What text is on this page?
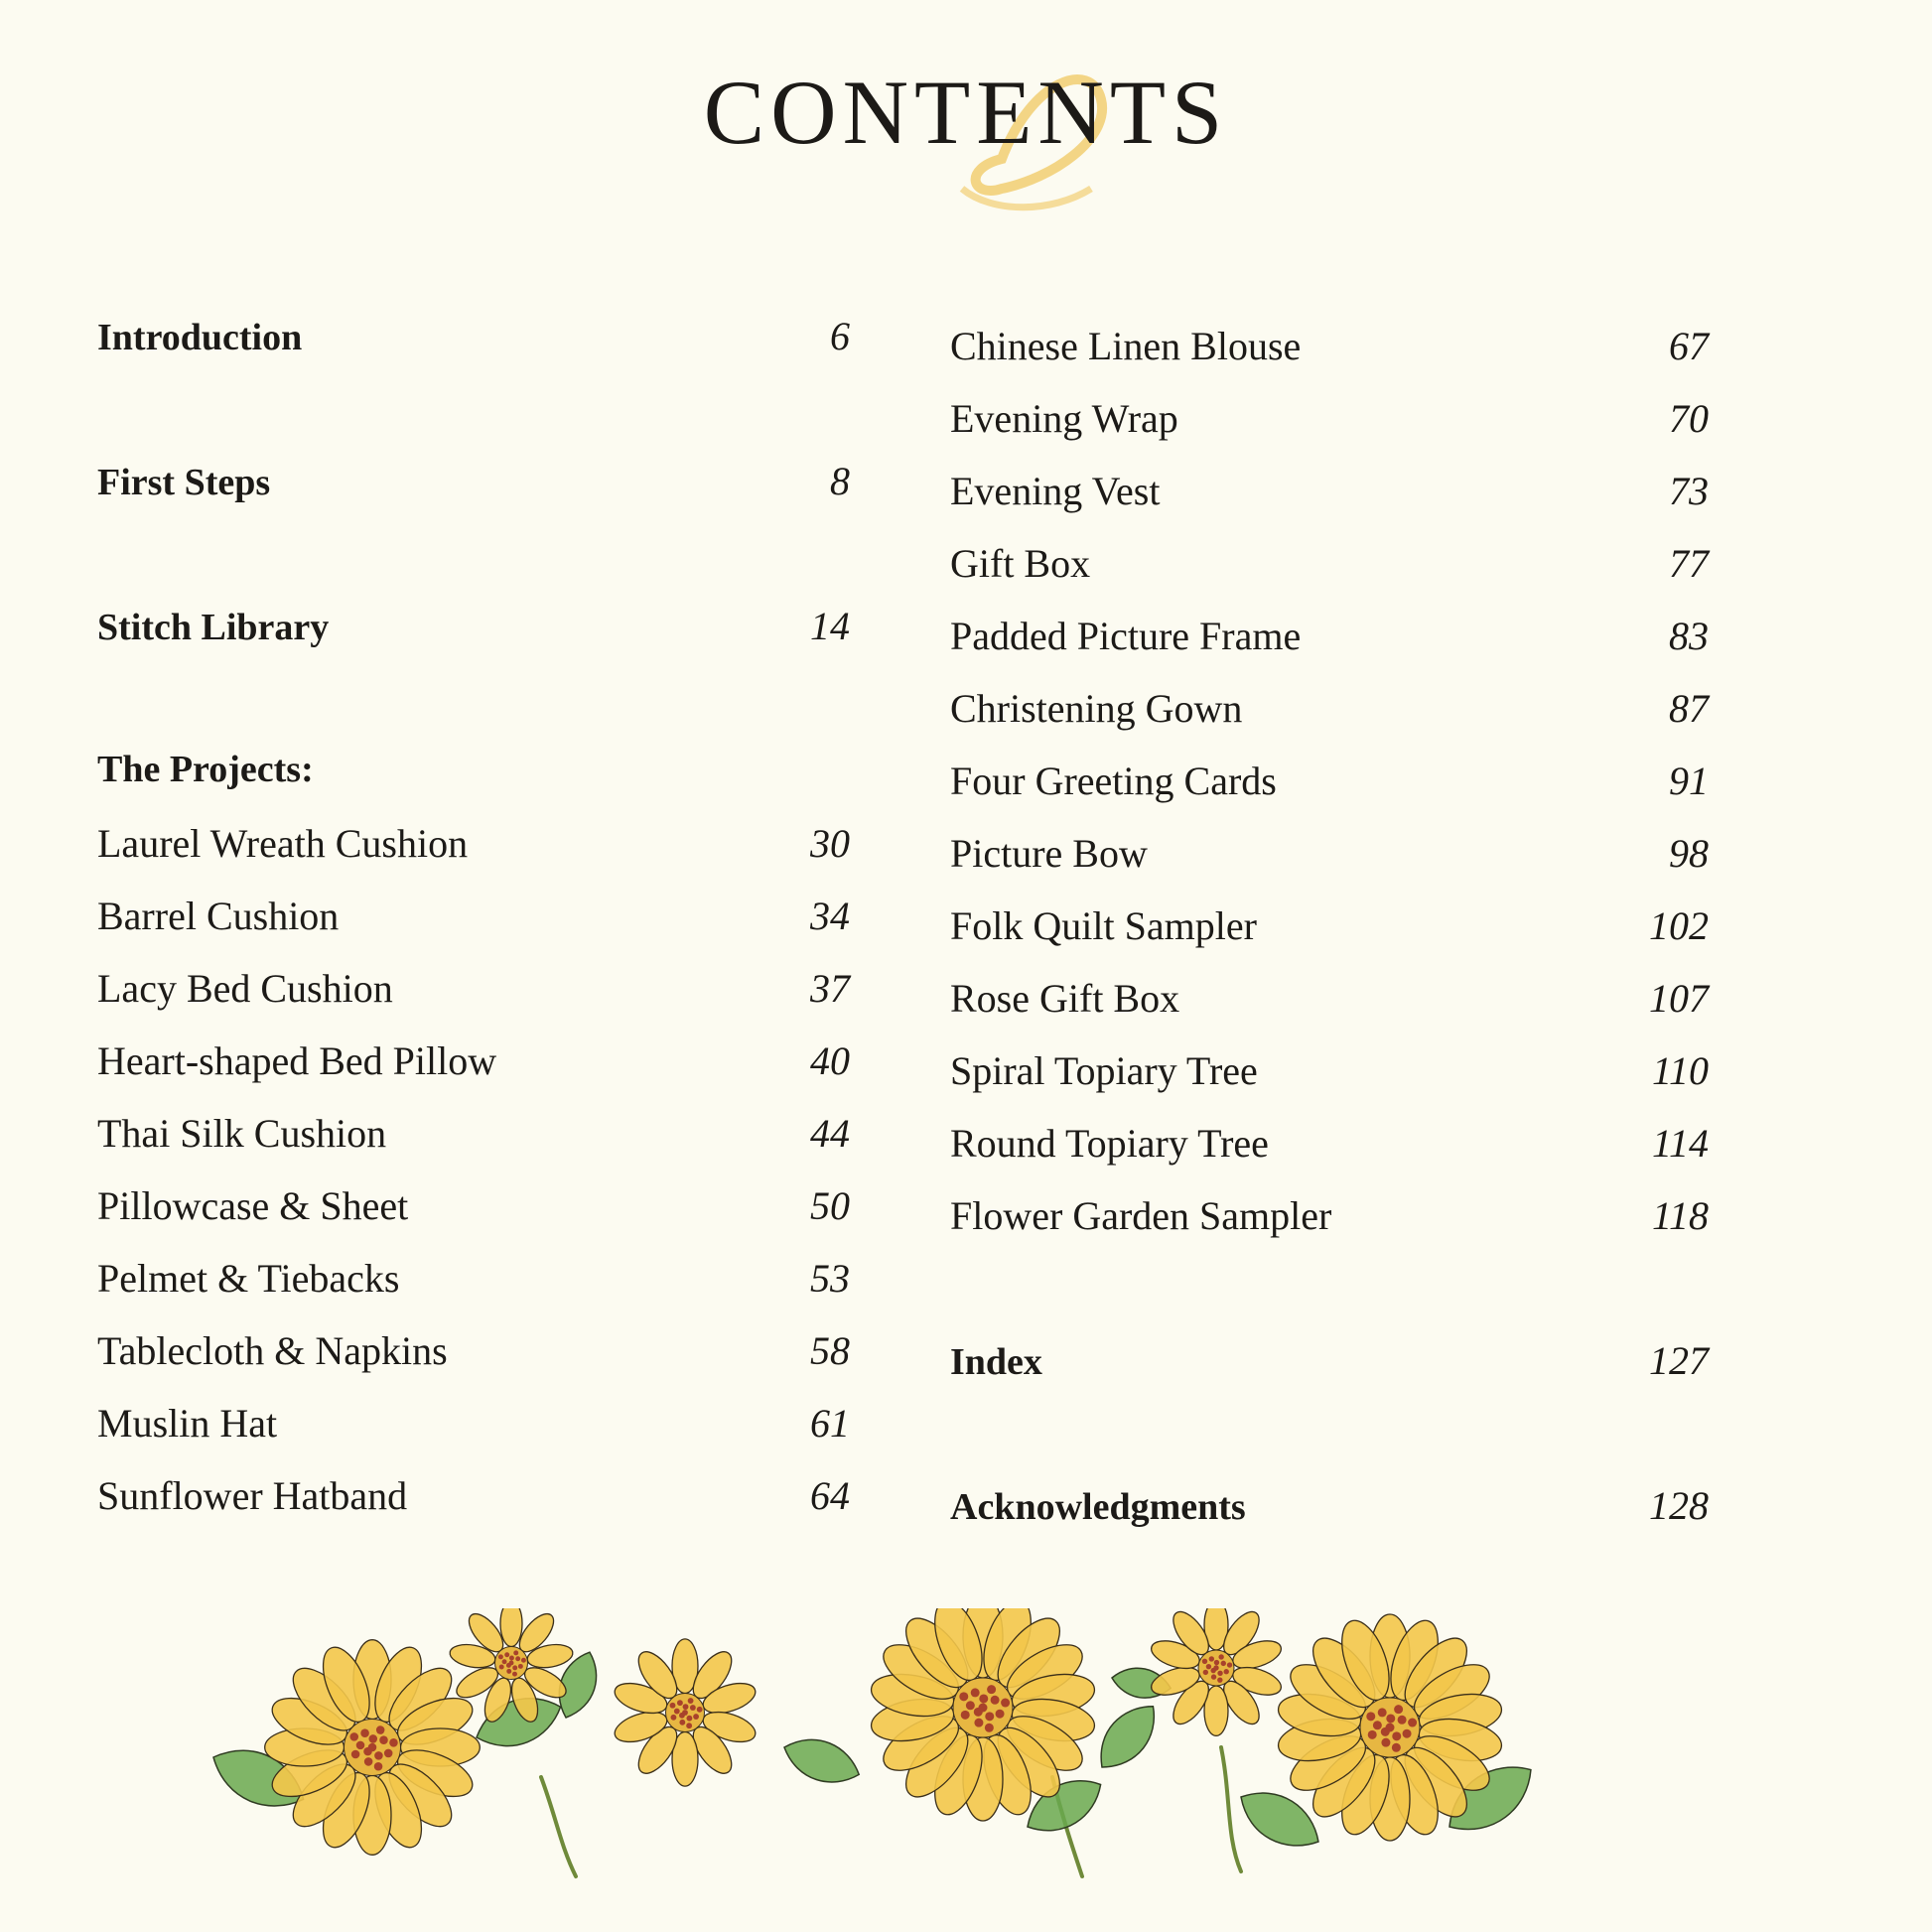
CONTENTS
Introduction	6
First Steps	8
Stitch Library	14
The Projects:
Laurel Wreath Cushion	30
Barrel Cushion	34
Lacy Bed Cushion	37
Heart-shaped Bed Pillow	40
Thai Silk Cushion	44
Pillowcase & Sheet	50
Pelmet & Tiebacks	53
Tablecloth & Napkins	58
Muslin Hat	61
Sunflower Hatband	64
Chinese Linen Blouse	67
Evening Wrap	70
Evening Vest	73
Gift Box	77
Padded Picture Frame	83
Christening Gown	87
Four Greeting Cards	91
Picture Bow	98
Folk Quilt Sampler	102
Rose Gift Box	107
Spiral Topiary Tree	110
Round Topiary Tree	114
Flower Garden Sampler	118
Index	127
Acknowledgments	128
